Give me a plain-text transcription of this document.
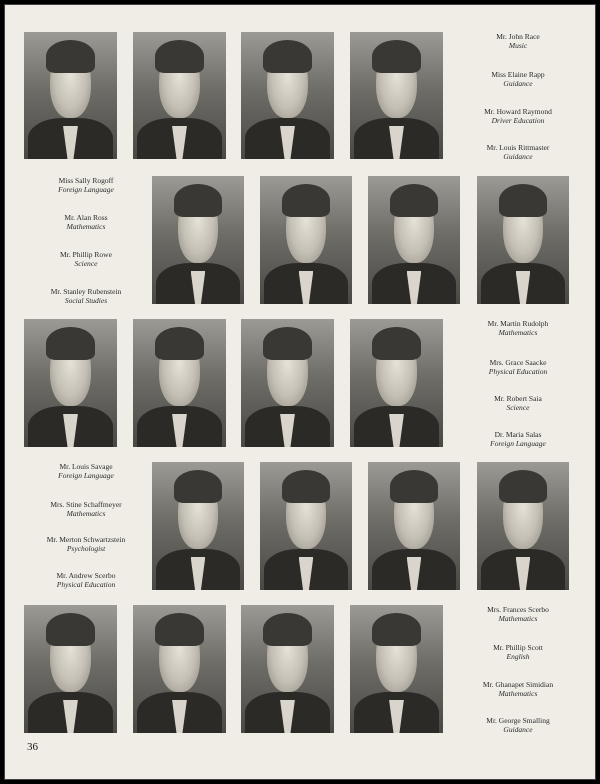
Mr. John Race
Music
Miss Elaine Rapp
Guidance
Mr. Howard Raymond
Driver Education
Mr. Louis Rittmaster
Guidance
Miss Sally Rogoff
Foreign Language
Mr. Alan Ross
Mathematics
Mr. Phillip Rowe
Science
Mr. Stanley Rubenstein
Social Studies
Mr. Martin Rudolph
Mathematics
Mrs. Grace Saacke
Physical Education
Mr. Robert Saia
Science
Dr. Maria Salas
Foreign Language
Mr. Louis Savage
Foreign Language
Mrs. Stine Schaffmeyer
Mathematics
Mr. Merton Schwartzstein
Psychologist
Mr. Andrew Scerbo
Physical Education
Mrs. Frances Scerbo
Mathematics
Mr. Phillip Scott
English
Mr. Ghanapet Simidian
Mathematics
Mr. George Smalling
Guidance
36
